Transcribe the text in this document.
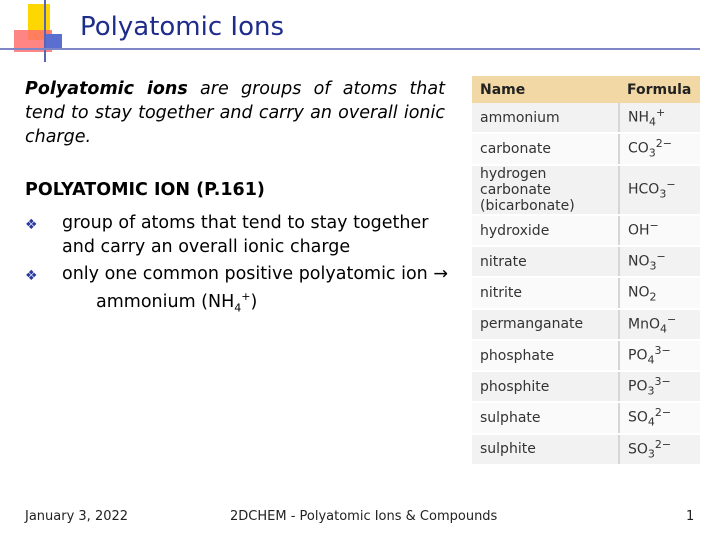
Polyatomic Ions

Polyatomic ions are groups of atoms that tend to stay together and carry an overall ionic charge.

POLYATOMIC ION (P.161)

❖ group of atoms that tend to stay together and carry an overall ionic charge
❖ only one common positive polyatomic ion →
ammonium $(NH_4^+)$
Name	Formula
ammonium	$NH_4^+$
carbonate	$CO_3^{2-}$
hydrogen carbonate (bicarbonate)	$HCO_3^-$
hydroxide	OH−
nitrate	$NO_3^-$
nitrite	$NO_2$
permanganate	MnO$_4$−
phosphate	$PO_4^{3-}$
phosphite	$PO_3^{3-}$
sulphate	$SO_4^{2-}$
sulphite	$SO_3^{2-}$
January 3, 2022	2DCHEM - Polyatomic Ions & Compounds	1
